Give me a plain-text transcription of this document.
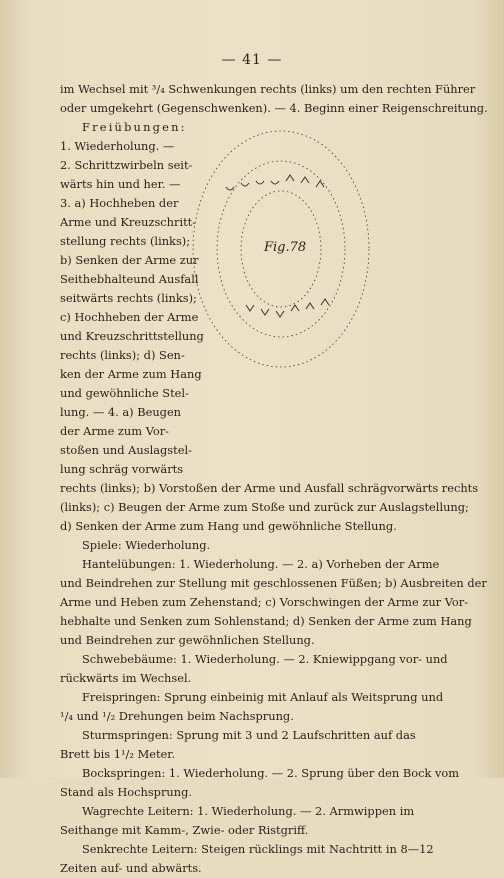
— 41 —
im Wechsel mit ³/₄ Schwenkungen rechts (links) um den rechten Führer
oder umgekehrt (Gegenschwenken). — 4. Beginn einer Reigenschreitung.
Freiübungen:
1. Wiederholung. —
2. Schrittzwirbeln seit-
wärts hin und her. —
3. a) Hochheben der
Arme und Kreuzschritt-
stellung rechts (links);
b) Senken der Arme zur
Seithebhalteund Ausfall
seitwärts rechts (links);
c) Hochheben der Arme
und Kreuzschrittstellung
rechts (links); d) Sen-
ken der Arme zum Hang
und gewöhnliche Stel-
lung. — 4. a) Beugen
der Arme zum Vor-
stoßen und Auslagstel-
lung schräg vorwärts
rechts (links); b) Vorstoßen der Arme und Ausfall schrägvorwärts rechts
(links); c) Beugen der Arme zum Stoße und zurück zur Auslagstellung;
d) Senken der Arme zum Hang und gewöhnliche Stellung.
Spiele: Wiederholung.
Hantelübungen: 1. Wiederholung. — 2. a) Vorheben der Arme
und Beindrehen zur Stellung mit geschlossenen Füßen; b) Ausbreiten der
Arme und Heben zum Zehenstand; c) Vorschwingen der Arme zur Vor-
hebhalte und Senken zum Sohlenstand; d) Senken der Arme zum Hang
und Beindrehen zur gewöhnlichen Stellung.
Schwebebäume: 1. Wiederholung. — 2. Kniewippgang vor- und
rückwärts im Wechsel.
Freispringen: Sprung einbeinig mit Anlauf als Weitsprung und
¹/₄ und ¹/₂ Drehungen beim Nachsprung.
Sturmspringen: Sprung mit 3 und 2 Laufschritten auf das
Brett bis 1¹/₂ Meter.
Bockspringen: 1. Wiederholung. — 2. Sprung über den Bock vom
Stand als Hochsprung.
Wagrechte Leitern: 1. Wiederholung. — 2. Armwippen im
Seithange mit Kamm-, Zwie- oder Ristgriff.
Senkrechte Leitern: Steigen rücklings mit Nachtritt in 8—12
Zeiten auf- und abwärts.
Fig.78
